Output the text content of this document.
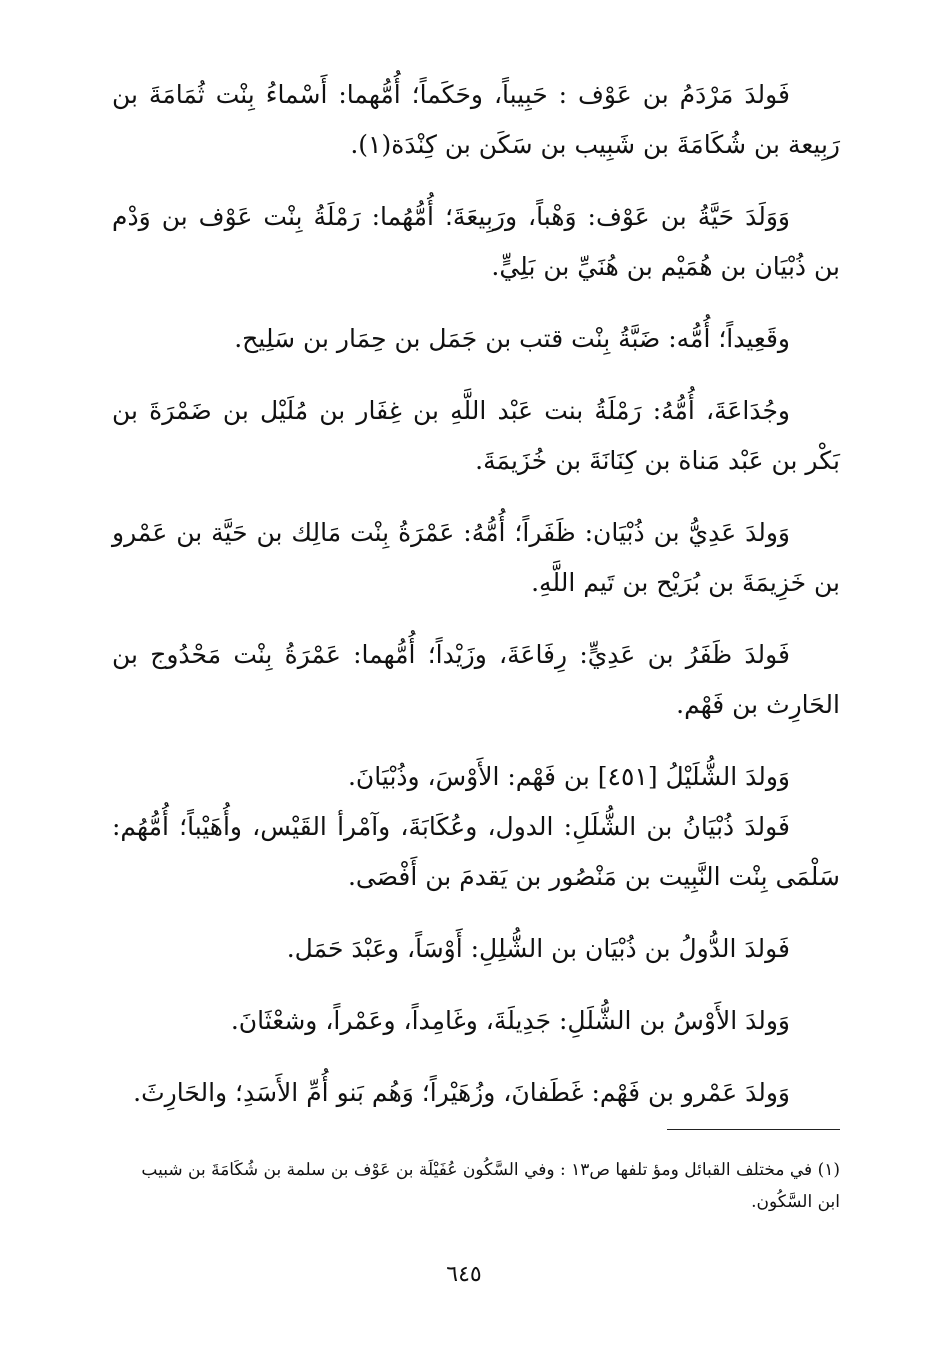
فَولدَ مَرْدَمُ بن عَوْف : حَبِيباً، وحَكَماً؛ أُمُّهما: أَسْماءُ بِنْت ثُمَامَةَ بن رَبِيعة بن شُكَامَةَ بن شَبِيب بن سَكَن بن كِنْدَة(١).

وَوَلَدَ حَيَّةُ بن عَوْف: وَهْباً، ورَبِيعَةَ؛ أُمُّهُما: رَمْلَةُ بِنْت عَوْف بن وَدْم بن ذُبْيَان بن هُمَيْم بن هُنَيِّ بن بَلِيٍّ.

وقَعِيداً؛ أُمُّه: ضَبَّةُ بِنْت قتب بن جَمَل بن حِمَار بن سَلِيح.

وجُدَاعَةَ، أُمُّهُ: رَمْلَةُ بنت عَبْد اللَّهِ بن غِفَار بن مُلَيْل بن ضَمْرَةَ بن بَكْر بن عَبْد مَناة بن كِنَانَةَ بن خُزَيمَةَ.

وَولدَ عَدِيُّ بن ذُبْيَان: ظَفَراً؛ أُمُّهُ: عَمْرَةُ بِنْت مَالِك بن حَيَّة بن عَمْرو بن خَزِيمَةَ بن بُرَيْح بن تَيم اللَّهِ.

فَولدَ ظَفَرُ بن عَدِيٍّ: رِفَاعَةَ، وزَيْداً؛ أُمُّهما: عَمْرَةُ بِنْت مَحْدُوج بن الحَارِث بن فَهْم.

وَولدَ الشُّلَيْلُ [٤٥١] بن فَهْم: الأَوْسَ، وذُبْيَانَ.

فَولدَ ذُبْيَانُ بن الشُّلَلِ: الدول، وعُكَابَةَ، وآمْرأ القَيْس، وأُهَيْباً؛ أُمُّهُم: سَلْمَى بِنْت النَّبِيت بن مَنْصُور بن يَقدمَ بن أَفْصَى.

فَولدَ الدُّولُ بن ذُبْيَان بن الشُّلِلِ: أَوْسَاً، وعَبْدَ حَمَل.

وَولدَ الأَوْسُ بن الشُّلَلِ: جَدِيلَةَ، وغَامِداً، وعَمْراً، وشعْثَانَ.

وَولدَ عَمْرو بن فَهْم: غَطَفانَ، وزُهَيْراً؛ وَهُم بَنو أُمِّ الأَسَدِ؛ والحَارِثَ.

(١) في مختلف القبائل ومؤ تلفها ص١٣ : وفي السَّكُون عُفَيْلَة بن عَوْف بن سلمة بن شُكَامَةَ بن شبيب

ابن السَّكُون.

٦٤٥
